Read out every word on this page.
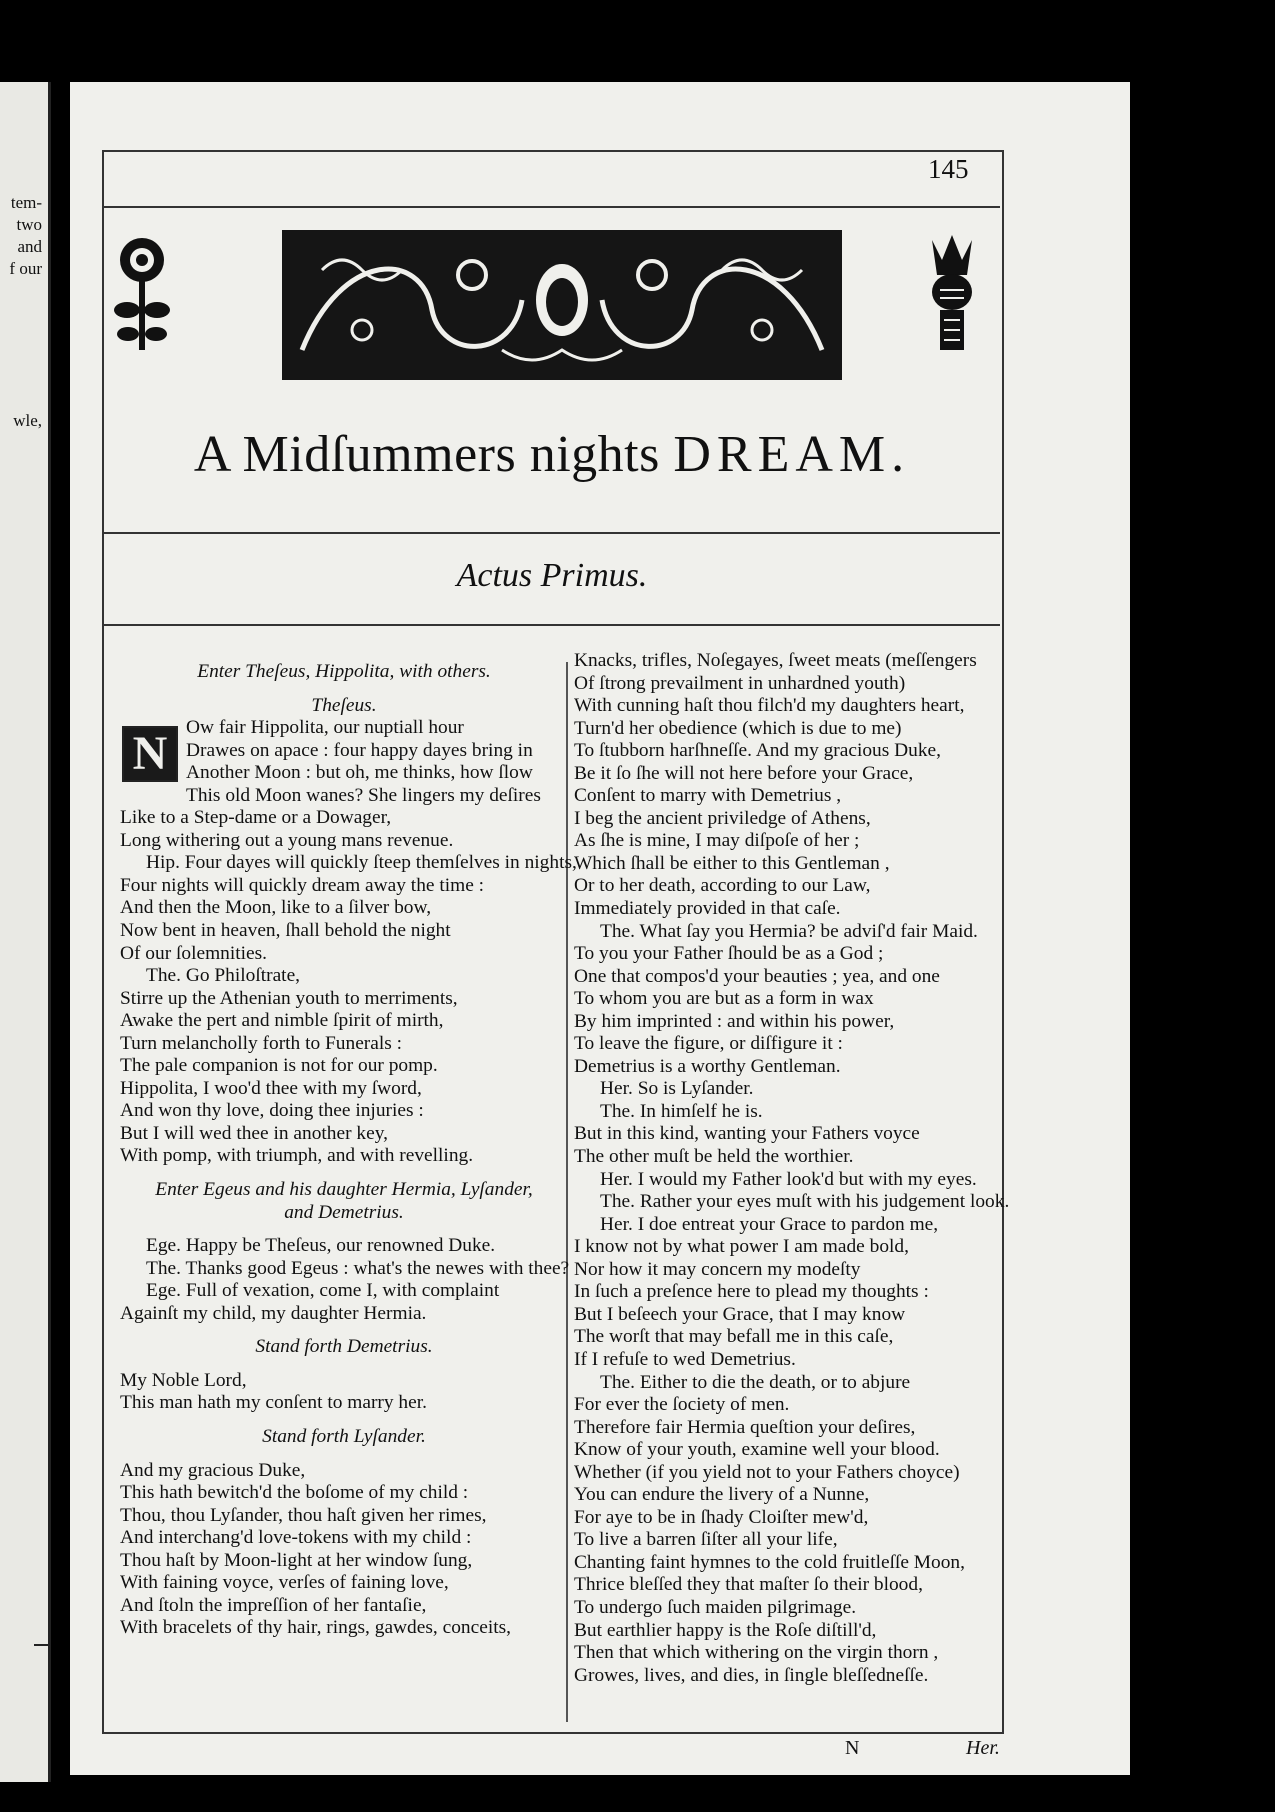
tem-
two
and
f our
wle,
145
A Midſummers nights DREAM.
Actus Primus.
N	Her.
N
Enter Theſeus, Hippolita, with others.
Theſeus.
Ow fair Hippolita, our nuptiall hour
Drawes on apace : four happy dayes bring in
Another Moon : but oh, me thinks, how ſlow
This old Moon wanes? She lingers my deſires
Like to a Step-dame or a Dowager,
Long withering out a young mans revenue.
Hip. Four dayes will quickly ſteep themſelves in nights,
Four nights will quickly dream away the time :
And then the Moon, like to a ſilver bow,
Now bent in heaven, ſhall behold the night
Of our ſolemnities.
The. Go Philoſtrate,
Stirre up the Athenian youth to merriments,
Awake the pert and nimble ſpirit of mirth,
Turn melancholly forth to Funerals :
The pale companion is not for our pomp.
Hippolita, I woo'd thee with my ſword,
And won thy love, doing thee injuries :
But I will wed thee in another key,
With pomp, with triumph, and with revelling.
Enter Egeus and his daughter Hermia, Lyſander,
and Demetrius.
Ege. Happy be Theſeus, our renowned Duke.
The. Thanks good Egeus : what's the newes with thee?
Ege. Full of vexation, come I, with complaint
Againſt my child, my daughter Hermia.
Stand forth Demetrius.
My Noble Lord,
This man hath my conſent to marry her.
Stand forth Lyſander.
And my gracious Duke,
This hath bewitch'd the boſome of my child :
Thou, thou Lyſander, thou haſt given her rimes,
And interchang'd love-tokens with my child :
Thou haſt by Moon-light at her window ſung,
With faining voyce, verſes of faining love,
And ſtoln the impreſſion of her fantaſie,
With bracelets of thy hair, rings, gawdes, conceits,
Knacks, trifles, Noſegayes, ſweet meats (meſſengers
Of ſtrong prevailment in unhardned youth)
With cunning haſt thou filch'd my daughters heart,
Turn'd her obedience (which is due to me)
To ſtubborn harſhneſſe. And my gracious Duke,
Be it ſo ſhe will not here before your Grace,
Conſent to marry with Demetrius ,
I beg the ancient priviledge of Athens,
As ſhe is mine, I may diſpoſe of her ;
Which ſhall be either to this Gentleman ,
Or to her death, according to our Law,
Immediately provided in that caſe.
The. What ſay you Hermia? be adviſ'd fair Maid.
To you your Father ſhould be as a God ;
One that compos'd your beauties ; yea, and one
To whom you are but as a form in wax
By him imprinted : and within his power,
To leave the figure, or diſfigure it :
Demetrius is a worthy Gentleman.
Her. So is Lyſander.
The. In himſelf he is.
But in this kind, wanting your Fathers voyce
The other muſt be held the worthier.
Her. I would my Father look'd but with my eyes.
The. Rather your eyes muſt with his judgement look.
Her. I doe entreat your Grace to pardon me,
I know not by what power I am made bold,
Nor how it may concern my modeſty
In ſuch a preſence here to plead my thoughts :
But I beſeech your Grace, that I may know
The worſt that may befall me in this caſe,
If I refuſe to wed Demetrius.
The. Either to die the death, or to abjure
For ever the ſociety of men.
Therefore fair Hermia queſtion your deſires,
Know of your youth, examine well your blood.
Whether (if you yield not to your Fathers choyce)
You can endure the livery of a Nunne,
For aye to be in ſhady Cloiſter mew'd,
To live a barren ſiſter all your life,
Chanting faint hymnes to the cold fruitleſſe Moon,
Thrice bleſſed they that maſter ſo their blood,
To undergo ſuch maiden pilgrimage.
But earthlier happy is the Roſe diſtill'd,
Then that which withering on the virgin thorn ,
Growes, lives, and dies, in ſingle bleſſedneſſe.
